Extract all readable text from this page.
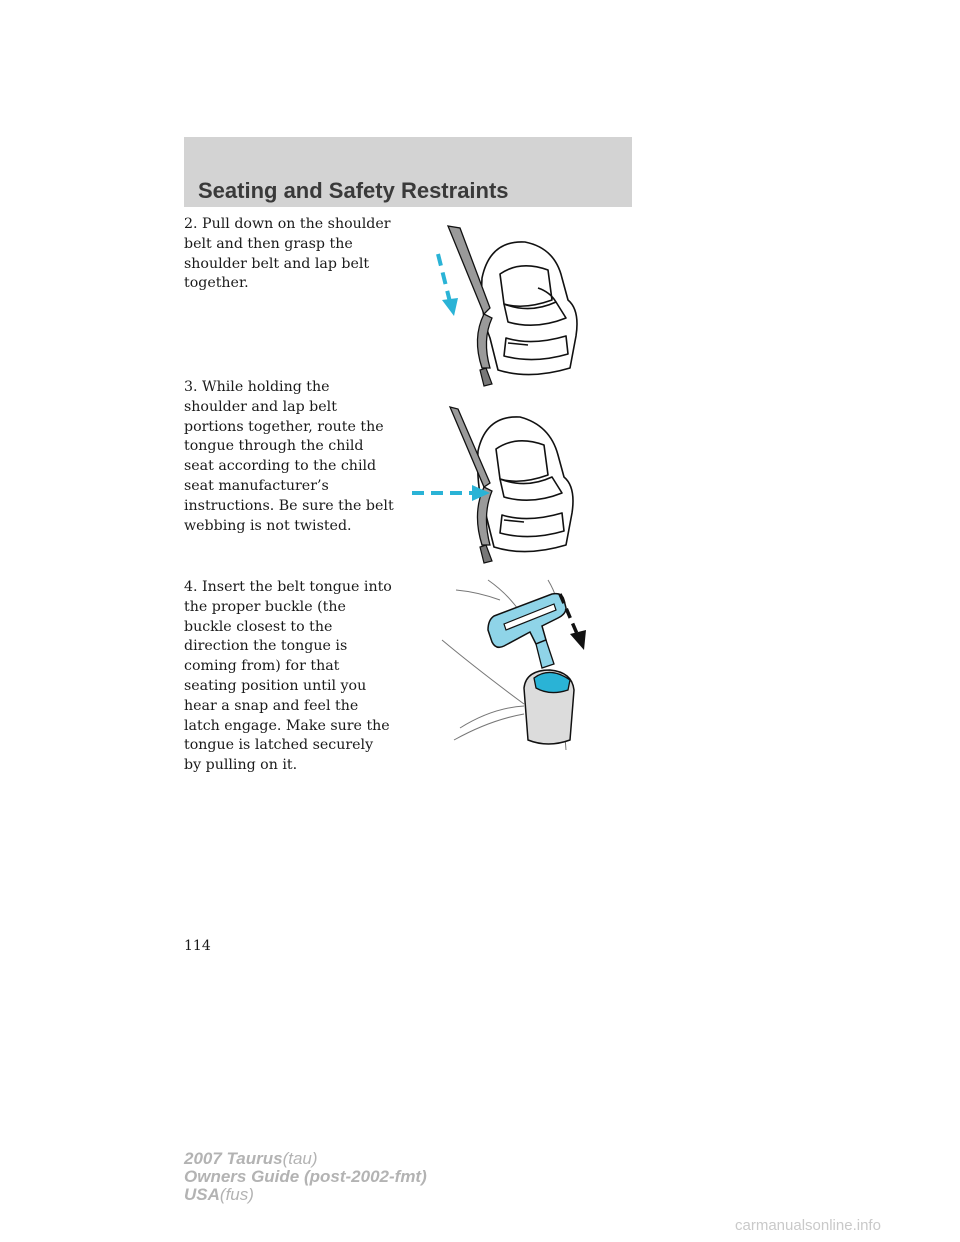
Seating and Safety Restraints

2. Pull down on the shoulder belt and then grasp the shoulder belt and lap belt together.

3. While holding the shoulder and lap belt portions together, route the tongue through the child seat according to the child seat manufacturer’s instructions. Be sure the belt webbing is not twisted.

4. Insert the belt tongue into the proper buckle (the buckle closest to the direction the tongue is coming from) for that seating position until you hear a snap and feel the latch engage. Make sure the tongue is latched securely by pulling on it.

114
2007 Taurus(tau)
Owners Guide (post-2002-fmt)
USA(fus)
carmanualsonline.info
